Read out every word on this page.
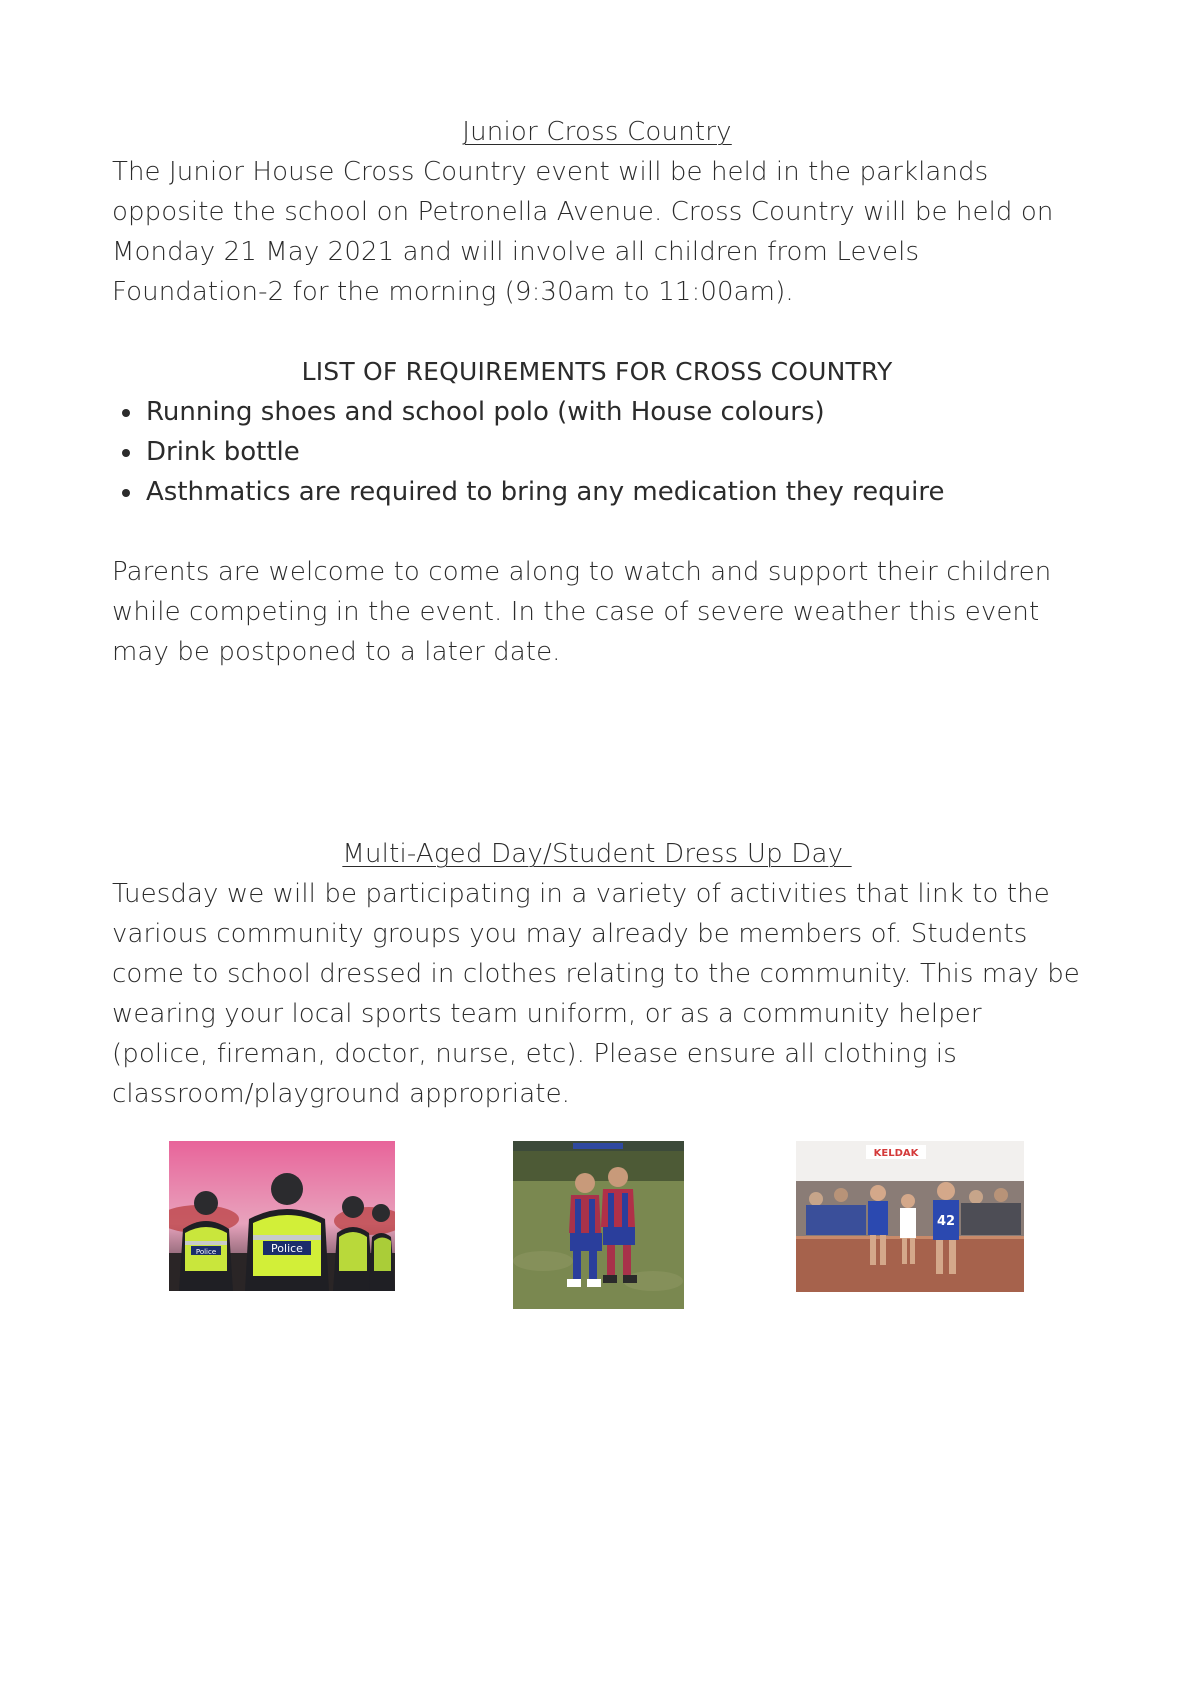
Junior Cross Country

The Junior House Cross Country event will be held in the parklands opposite the school on Petronella Avenue. Cross Country will be held on Monday 21 May 2021 and will involve all children from Levels Foundation-2 for the morning (9:30am to 11:00am).

LIST OF REQUIREMENTS FOR CROSS COUNTRY

• Running shoes and school polo (with House colours)
• Drink bottle
• Asthmatics are required to bring any medication they require

Parents are welcome to come along to watch and support their children while competing in the event. In the case of severe weather this event may be postponed to a later date.

Multi-Aged Day/Student Dress Up Day

Tuesday we will be participating in a variety of activities that link to the various community groups you may already be members of. Students come to school dressed in clothes relating to the community. This may be wearing your local sports team uniform, or as a community helper (police, fireman, doctor, nurse, etc). Please ensure all clothing is classroom/playground appropriate.

Police	Police
KELDAK
42
